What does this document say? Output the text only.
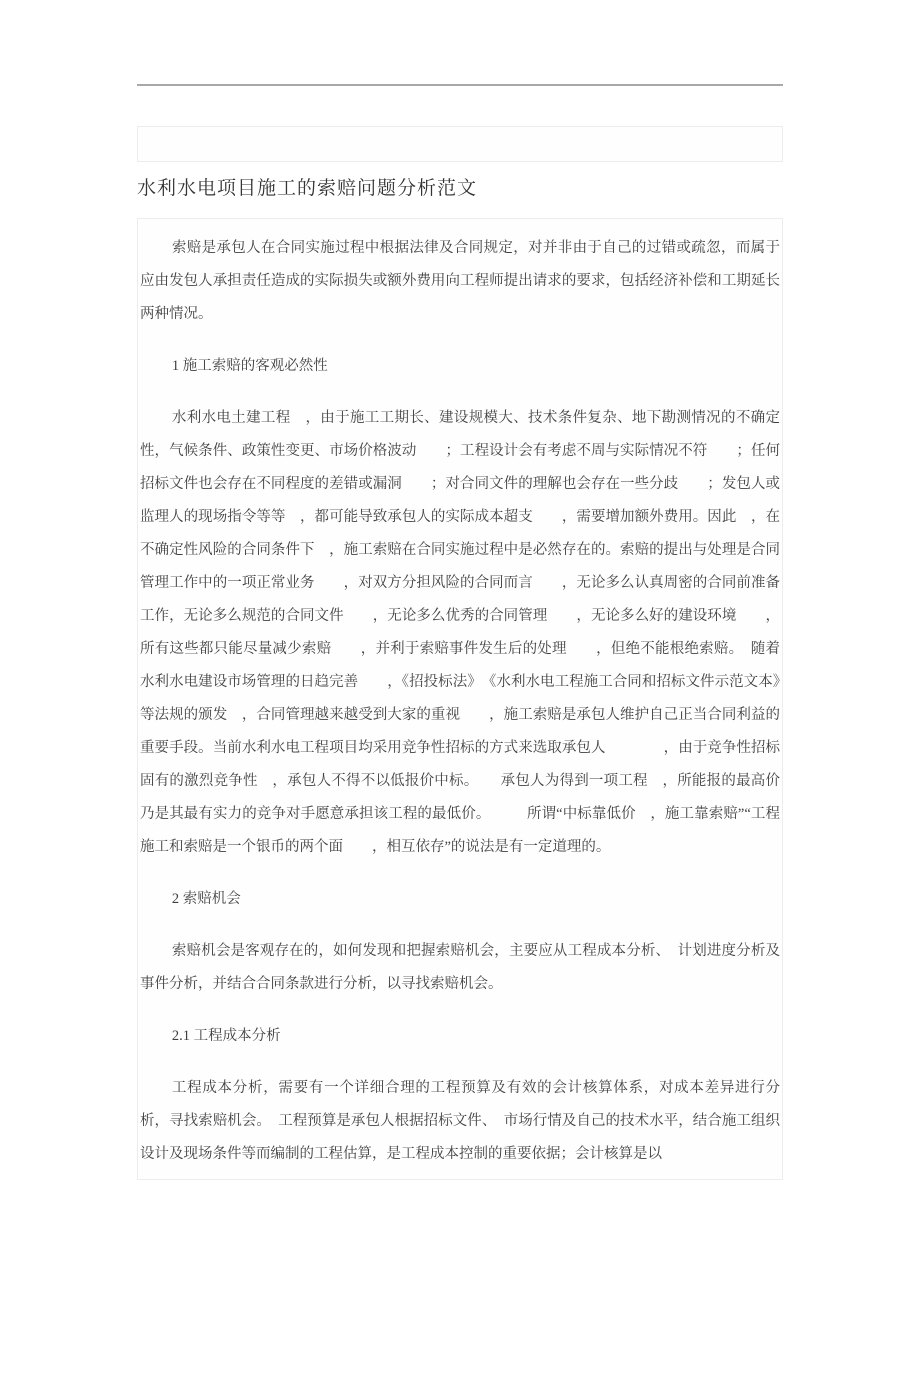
水利水电项目施工的索赔问题分析范文

索赔是承包人在合同实施过程中根据法律及合同规定，对并非由于自己的过错或疏忽，而属于应由发包人承担责任造成的实际损失或额外费用向工程师提出请求的要求，包括经济补偿和工期延长两种情况。

1 施工索赔的客观必然性

水利水电土建工程　，由于施工工期长、建设规模大、技术条件复杂、地下勘测情况的不确定性，气候条件、政策性变更、市场价格波动　　；工程设计会有考虑不周与实际情况不符　　；任何招标文件也会存在不同程度的差错或漏洞　　；对合同文件的理解也会存在一些分歧　　；发包人或监理人的现场指令等等　，都可能导致承包人的实际成本超支　　，需要增加额外费用。因此　，在不确定性风险的合同条件下　，施工索赔在合同实施过程中是必然存在的。索赔的提出与处理是合同管理工作中的一项正常业务　　，对双方分担风险的合同而言　　，无论多么认真周密的合同前准备工作，无论多么规范的合同文件　　，无论多么优秀的合同管理　　，无论多么好的建设环境　　，所有这些都只能尽量减少索赔　　，并利于索赔事件发生后的处理　　，但绝不能根绝索赔。　随着水利水电建设市场管理的日趋完善　　，《招投标法》　《水利水电工程施工合同和招标文件示范文本》等法规的颁发　，合同管理越来越受到大家的重视　　，施工索赔是承包人维护自己正当合同利益的重要手段。当前水利水电工程项目均采用竞争性招标的方式来选取承包人　　　　，由于竞争性招标固有的激烈竞争性　，承包人不得不以低报价中标。　　承包人为得到一项工程　，所能报的最高价乃是其最有实力的竞争对手愿意承担该工程的最低价。　　　所谓“中标靠低价　，施工靠索赔”“工程施工和索赔是一个银币的两个面　　，相互依存”的说法是有一定道理的。

2 索赔机会

索赔机会是客观存在的，如何发现和把握索赔机会，主要应从工程成本分析、　计划进度分析及事件分析，并结合合同条款进行分析，以寻找索赔机会。

2.1 工程成本分析

工程成本分析，需要有一个详细合理的工程预算及有效的会计核算体系，对成本差异进行分析，寻找索赔机会。　工程预算是承包人根据招标文件、　市场行情及自己的技术水平，结合施工组织设计及现场条件等而编制的工程估算，是工程成本控制的重要依据；会计核算是以
